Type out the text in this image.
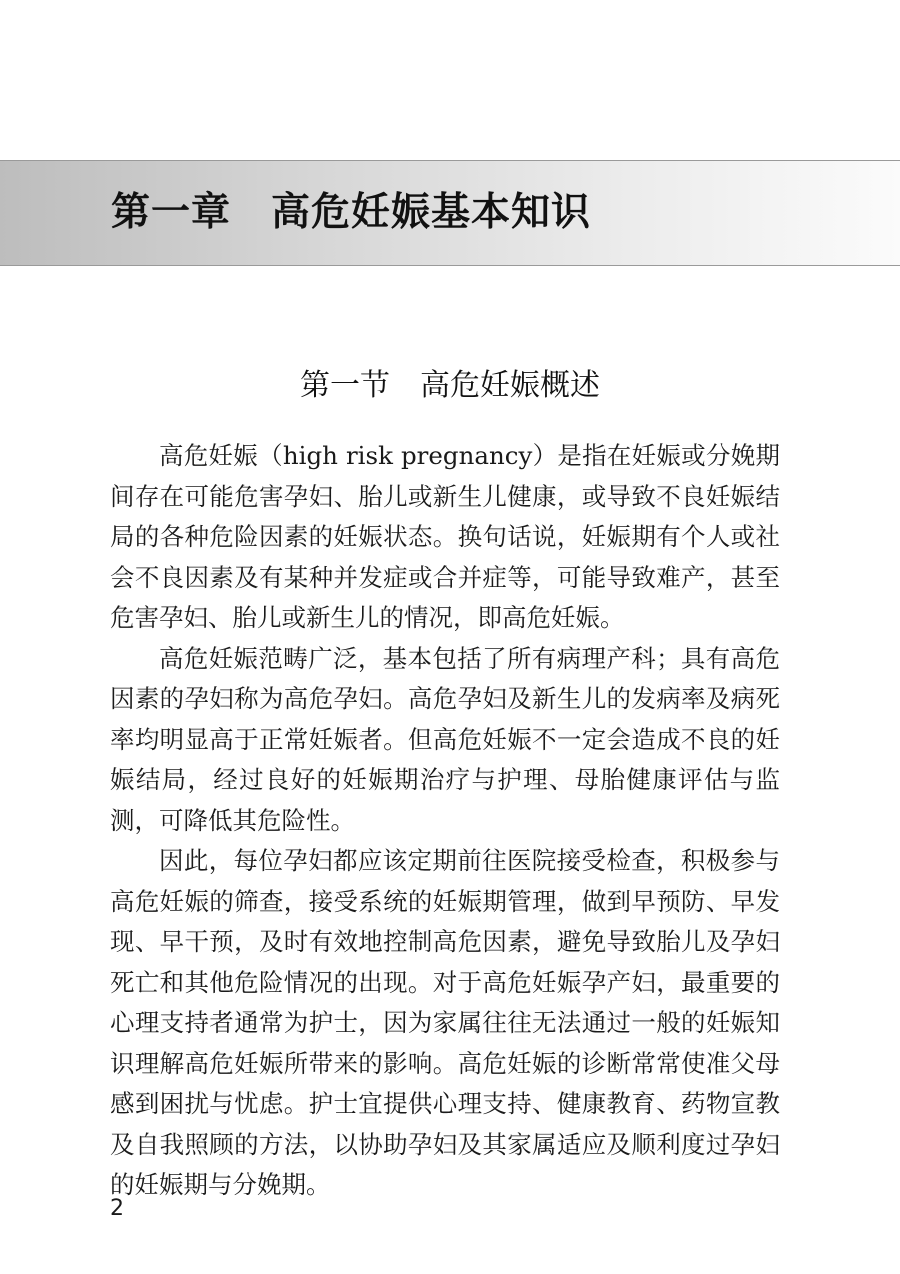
第一章　高危妊娠基本知识
第一节　高危妊娠概述

高危妊娠（high risk pregnancy）是指在妊娠或分娩期间存在可能危害孕妇、胎儿或新生儿健康，或导致不良妊娠结局的各种危险因素的妊娠状态。换句话说，妊娠期有个人或社会不良因素及有某种并发症或合并症等，可能导致难产，甚至危害孕妇、胎儿或新生儿的情况，即高危妊娠。

高危妊娠范畴广泛，基本包括了所有病理产科；具有高危因素的孕妇称为高危孕妇。高危孕妇及新生儿的发病率及病死率均明显高于正常妊娠者。但高危妊娠不一定会造成不良的妊娠结局，经过良好的妊娠期治疗与护理、母胎健康评估与监测，可降低其危险性。

因此，每位孕妇都应该定期前往医院接受检查，积极参与高危妊娠的筛查，接受系统的妊娠期管理，做到早预防、早发现、早干预，及时有效地控制高危因素，避免导致胎儿及孕妇死亡和其他危险情况的出现。对于高危妊娠孕产妇，最重要的心理支持者通常为护士，因为家属往往无法通过一般的妊娠知识理解高危妊娠所带来的影响。高危妊娠的诊断常常使准父母感到困扰与忧虑。护士宜提供心理支持、健康教育、药物宣教及自我照顾的方法，以协助孕妇及其家属适应及顺利度过孕妇的妊娠期与分娩期。

2
